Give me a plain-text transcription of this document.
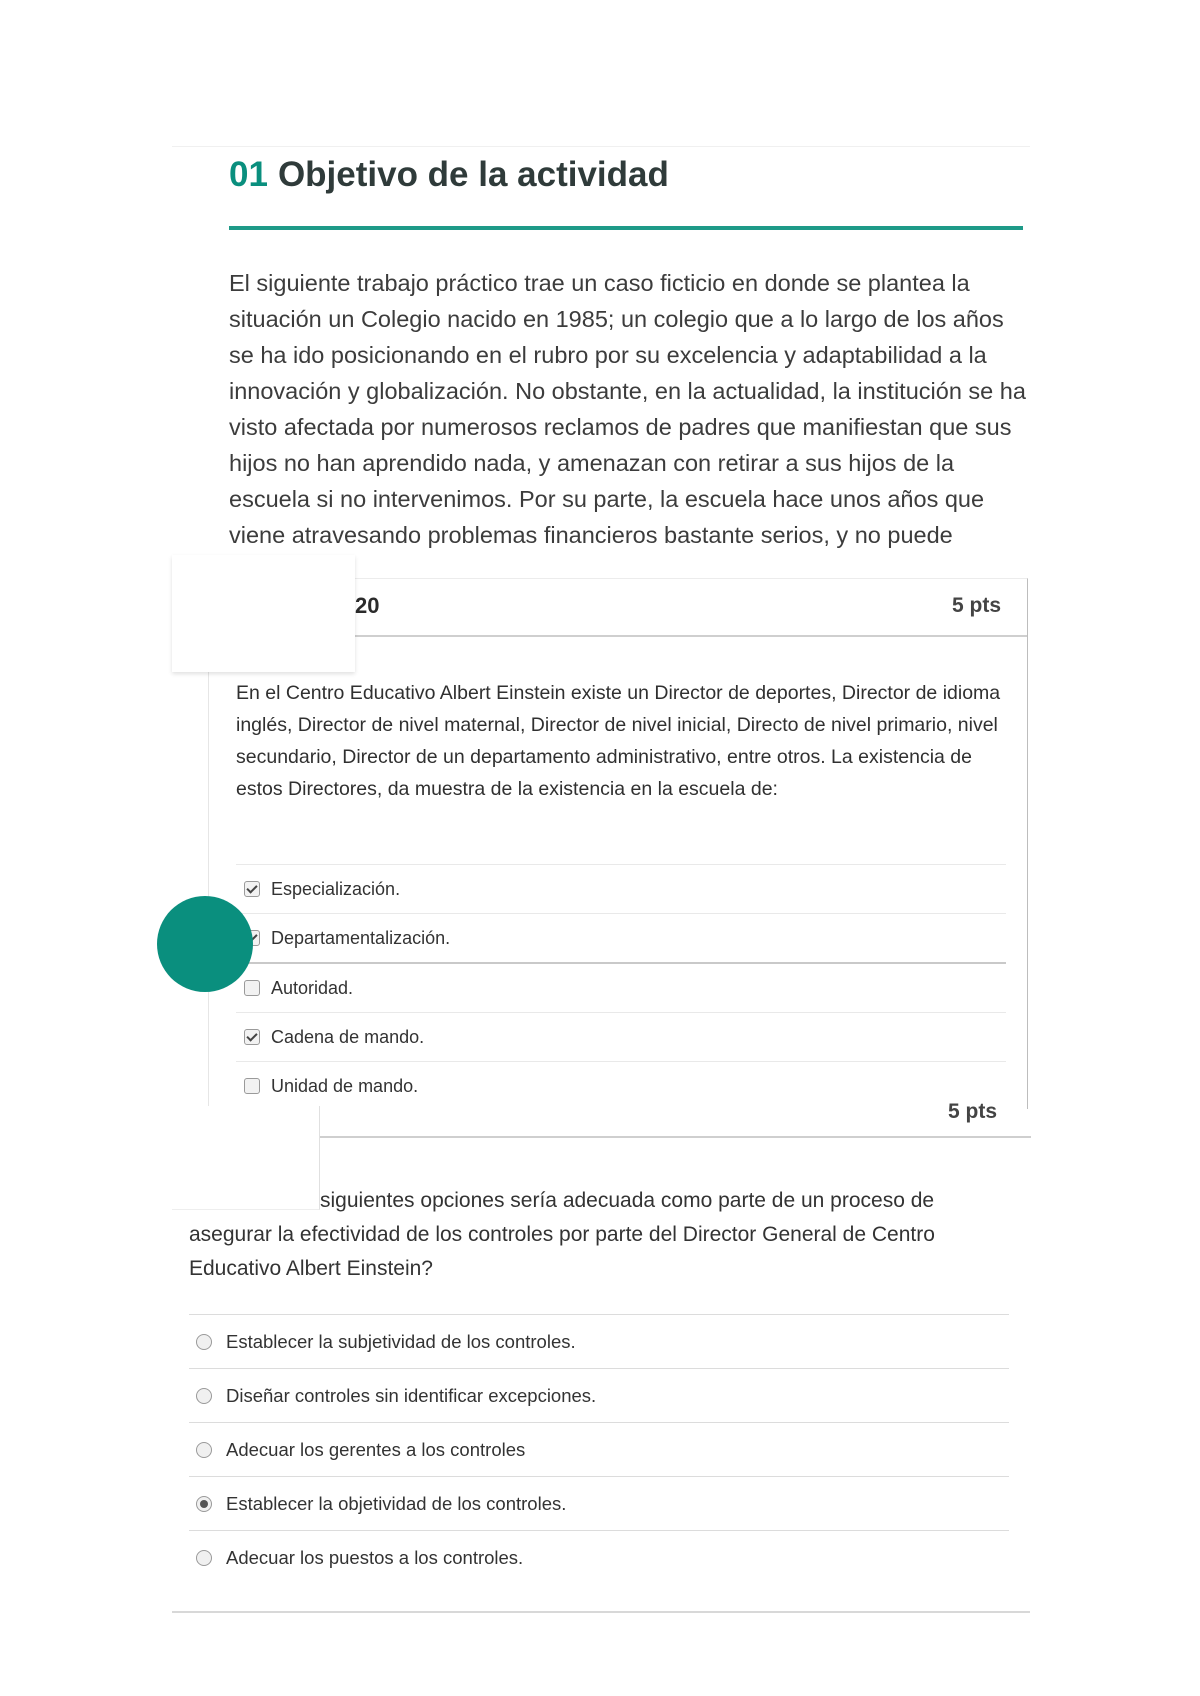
01 Objetivo de la actividad

El siguiente trabajo práctico trae un caso ficticio en donde se plantea la situación un Colegio nacido en 1985; un colegio que a lo largo de los años se ha ido posicionando en el rubro por su excelencia y adaptabilidad a la innovación y globalización. No obstante, en la actualidad, la institución se ha visto afectada por numerosos reclamos de padres que manifiestan que sus hijos no han aprendido nada, y amenazan con retirar a sus hijos de la escuela si no intervenimos. Por su parte, la escuela hace unos años que viene atravesando problemas financieros bastante serios, y no puede

20	5 pts

En el Centro Educativo Albert Einstein existe un Director de deportes, Director de idioma inglés, Director de nivel maternal, Director de nivel inicial, Directo de nivel primario, nivel secundario, Director de un departamento administrativo, entre otros. La existencia de estos Directores, da muestra de la existencia en la escuela de:

Especialización.
Departamentalización.
Autoridad.
Cadena de mando.
Unidad de mando.
5 pts

siguientes opciones sería adecuada como parte de un proceso de asegurar la efectividad de los controles por parte del Director General de Centro Educativo Albert Einstein?

Establecer la subjetividad de los controles.
Diseñar controles sin identificar excepciones.
Adecuar los gerentes a los controles
Establecer la objetividad de los controles.
Adecuar los puestos a los controles.
